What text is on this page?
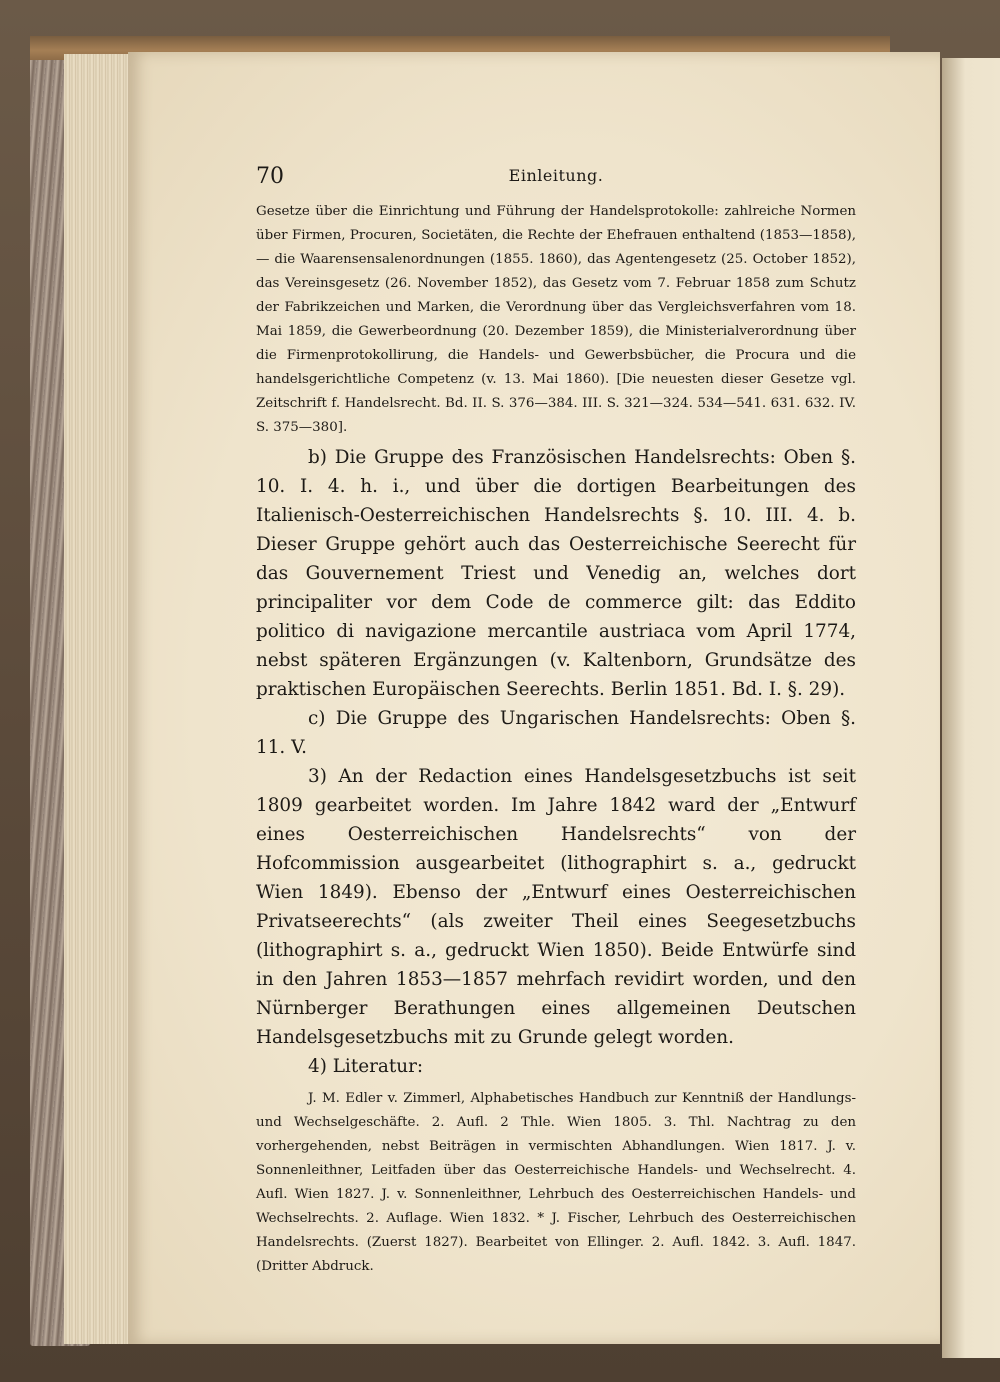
70	Einleitung.

Gesetze über die Einrichtung und Führung der Handelsprotokolle: zahlreiche Normen über Firmen, Procuren, Societäten, die Rechte der Ehefrauen enthaltend (1853—1858), — die Waarensensalenordnungen (1855. 1860), das Agentengesetz (25. October 1852), das Vereinsgesetz (26. November 1852), das Gesetz vom 7. Februar 1858 zum Schutz der Fabrikzeichen und Marken, die Verordnung über das Vergleichsverfahren vom 18. Mai 1859, die Gewerbeordnung (20. Dezember 1859), die Ministerialverordnung über die Firmenprotokollirung, die Handels- und Gewerbsbücher, die Procura und die handelsgerichtliche Competenz (v. 13. Mai 1860). [Die neuesten dieser Gesetze vgl. Zeitschrift f. Handelsrecht. Bd. II. S. 376—384. III. S. 321—324. 534—541. 631. 632. IV. S. 375—380].

b) Die Gruppe des Französischen Handelsrechts: Oben §. 10. I. 4. h. i., und über die dortigen Bearbeitungen des Italienisch-Oesterreichischen Handelsrechts §. 10. III. 4. b. Dieser Gruppe gehört auch das Oesterreichische Seerecht für das Gouvernement Triest und Venedig an, welches dort principaliter vor dem Code de commerce gilt: das Eddito politico di navigazione mercantile austriaca vom April 1774, nebst späteren Ergänzungen (v. Kaltenborn, Grundsätze des praktischen Europäischen Seerechts. Berlin 1851. Bd. I. §. 29).

c) Die Gruppe des Ungarischen Handelsrechts: Oben §. 11. V.

3) An der Redaction eines Handelsgesetzbuchs ist seit 1809 gearbeitet worden. Im Jahre 1842 ward der „Entwurf eines Oesterreichischen Handelsrechts“ von der Hofcommission ausgearbeitet (lithographirt s. a., gedruckt Wien 1849). Ebenso der „Entwurf eines Oesterreichischen Privatseerechts“ (als zweiter Theil eines Seegesetzbuchs (lithographirt s. a., gedruckt Wien 1850). Beide Entwürfe sind in den Jahren 1853—1857 mehrfach revidirt worden, und den Nürnberger Berathungen eines allgemeinen Deutschen Handelsgesetzbuchs mit zu Grunde gelegt worden.

4) Literatur:

J. M. Edler v. Zimmerl, Alphabetisches Handbuch zur Kenntniß der Handlungs- und Wechselgeschäfte. 2. Aufl. 2 Thle. Wien 1805. 3. Thl. Nachtrag zu den vorhergehenden, nebst Beiträgen in vermischten Abhandlungen. Wien 1817. J. v. Sonnenleithner, Leitfaden über das Oesterreichische Handels- und Wechselrecht. 4. Aufl. Wien 1827. J. v. Sonnenleithner, Lehrbuch des Oesterreichischen Handels- und Wechselrechts. 2. Auflage. Wien 1832. * J. Fischer, Lehrbuch des Oesterreichischen Handelsrechts. (Zuerst 1827). Bearbeitet von Ellinger. 2. Aufl. 1842. 3. Aufl. 1847. (Dritter Abdruck.
